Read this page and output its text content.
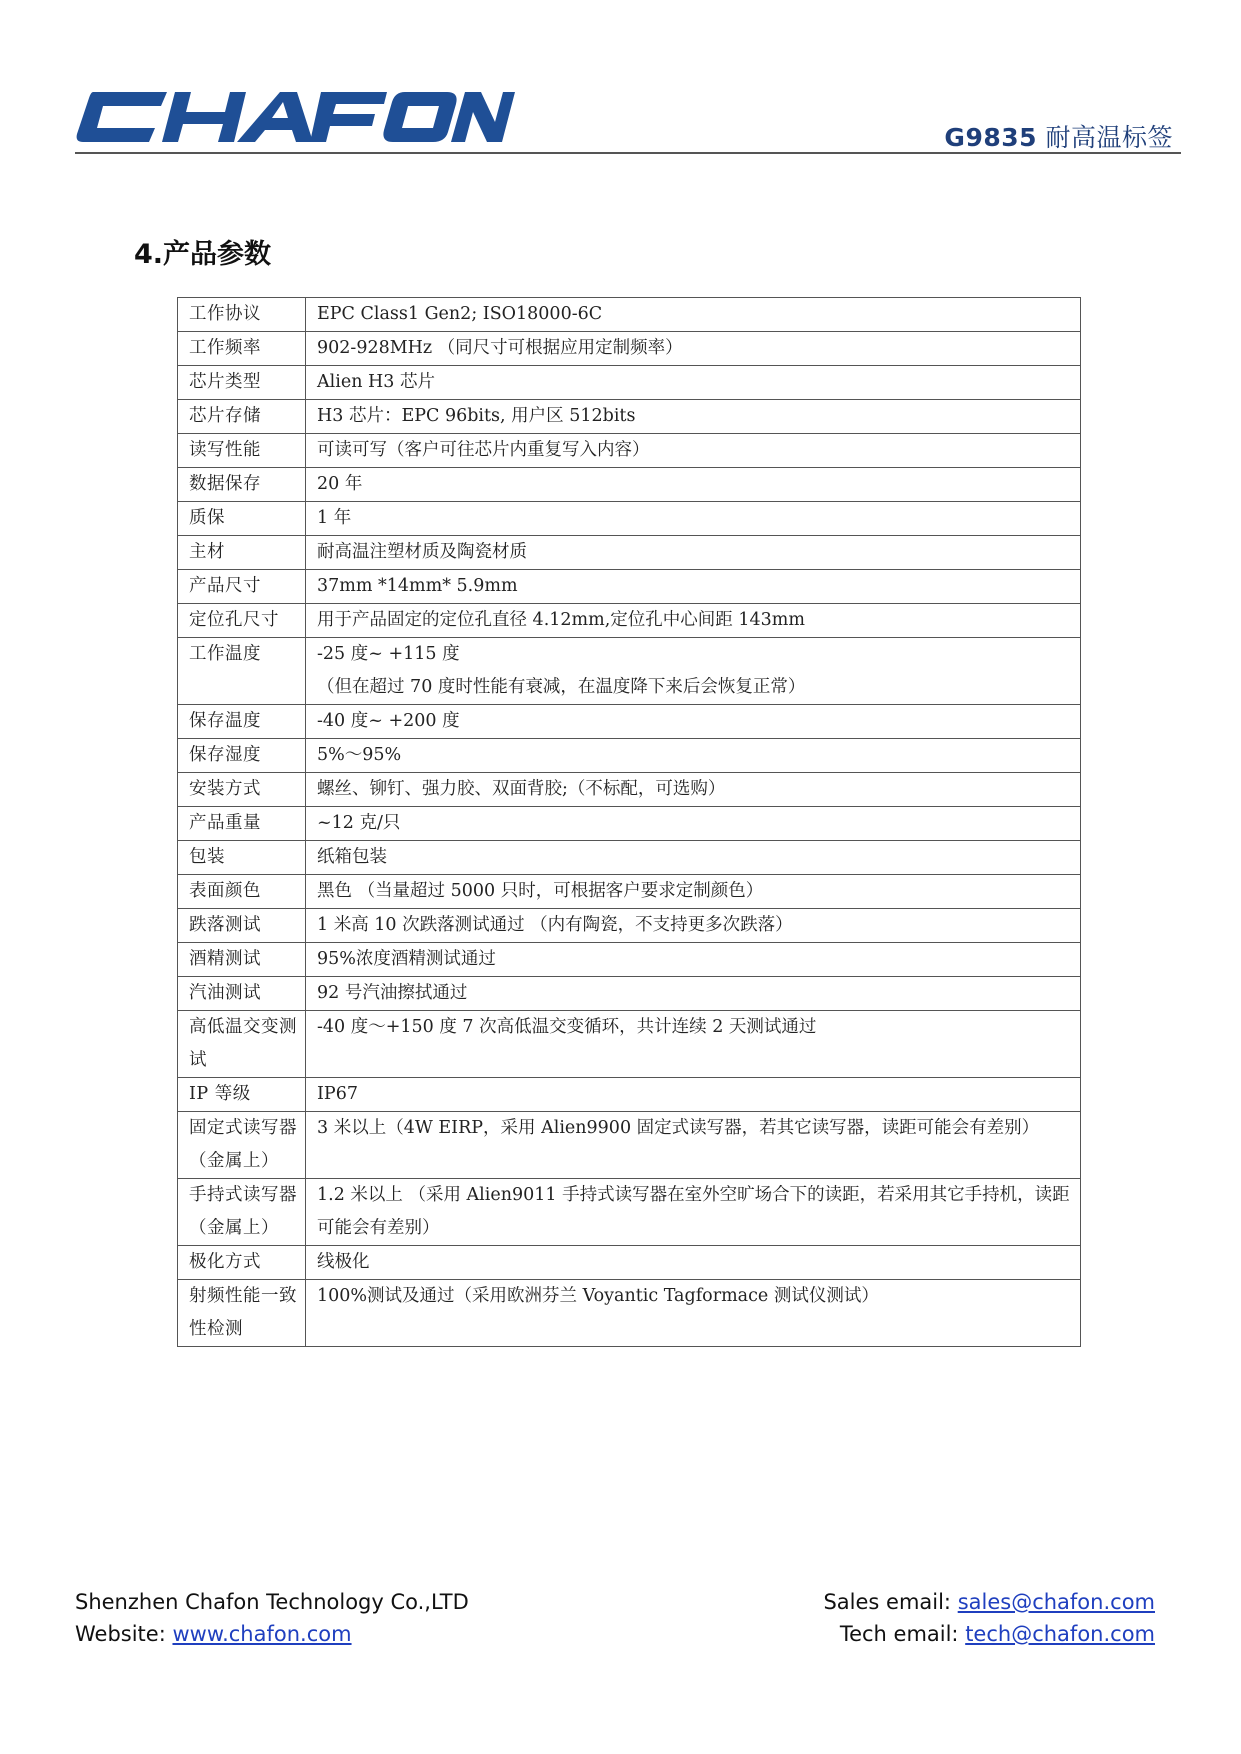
G9835 耐高温标签
4.产品参数
工作协议	EPC Class1 Gen2; ISO18000-6C

工作频率	902-928MHz （同尺寸可根据应用定制频率）

芯片类型	Alien H3 芯片

芯片存储	H3 芯片：EPC 96bits, 用户区 512bits

读写性能	可读可写（客户可往芯片内重复写入内容）

数据保存	20 年

质保	1 年

主材	耐高温注塑材质及陶瓷材质

产品尺寸	37mm *14mm* 5.9mm

定位孔尺寸	用于产品固定的定位孔直径 4.12mm,定位孔中心间距 143mm

工作温度	-25 度~ +115 度
（但在超过 70 度时性能有衰减，在温度降下来后会恢复正常）

保存温度	-40 度~ +200 度

保存湿度	5%～95%

安装方式	螺丝、铆钉、强力胶、双面背胶;（不标配，可选购）

产品重量	~12 克/只

包装	纸箱包装

表面颜色	黑色 （当量超过 5000 只时，可根据客户要求定制颜色）

跌落测试	1 米高 10 次跌落测试通过 （内有陶瓷，不支持更多次跌落）

酒精测试	95%浓度酒精测试通过

汽油测试	92 号汽油擦拭通过

高低温交变测试	-40 度～+150 度 7 次高低温交变循环，共计连续 2 天测试通过

IP 等级	IP67

固定式读写器（金属上）	3 米以上（4W EIRP，采用 Alien9900 固定式读写器，若其它读写器，读距可能会有差别）

手持式读写器（金属上）	1.2 米以上 （采用 Alien9011 手持式读写器在室外空旷场合下的读距，若采用其它手持机，读距可能会有差别）

极化方式	线极化

射频性能一致性检测	100%测试及通过（采用欧洲芬兰 Voyantic Tagformace 测试仪测试）
Shenzhen Chafon Technology Co.,LTD
Website: www.chafon.com
Sales email: sales@chafon.com
Tech email: tech@chafon.com
